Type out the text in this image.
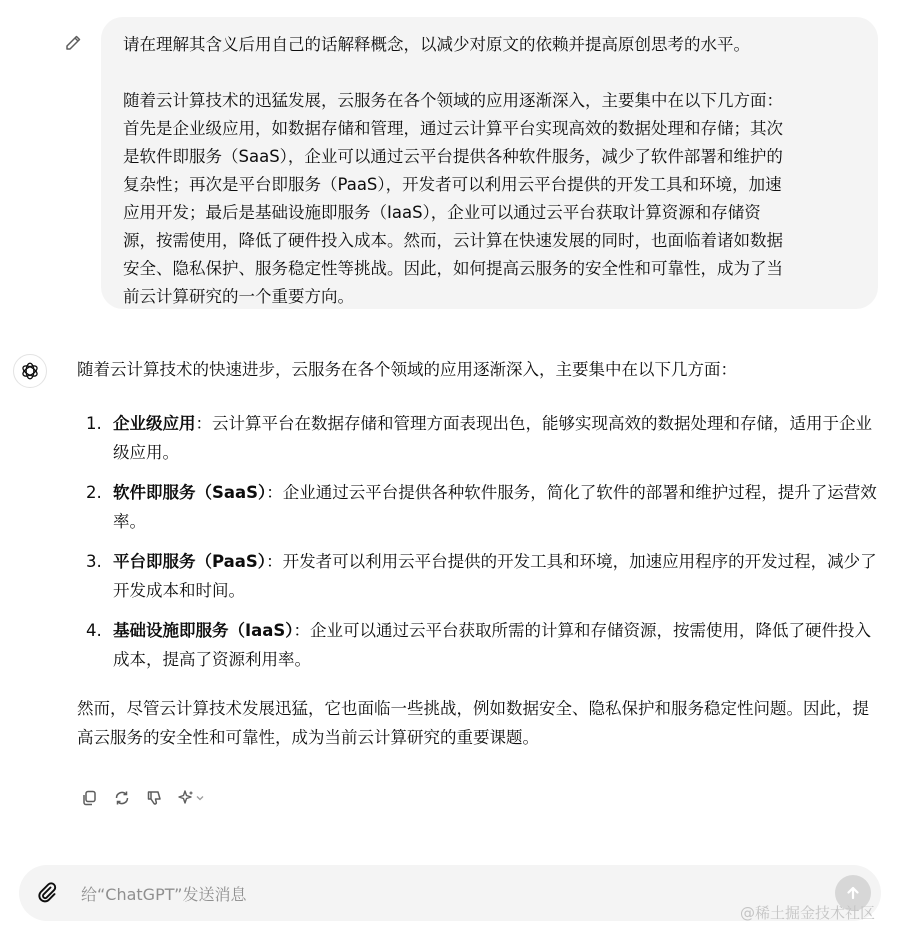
请在理解其含义后用自己的话解释概念，以减少对原文的依赖并提高原创思考的水平。

随着云计算技术的迅猛发展，云服务在各个领域的应用逐渐深入，主要集中在以下几方面：
首先是企业级应用，如数据存储和管理，通过云计算平台实现高效的数据处理和存储；其次
是软件即服务（SaaS），企业可以通过云平台提供各种软件服务，减少了软件部署和维护的
复杂性；再次是平台即服务（PaaS），开发者可以利用云平台提供的开发工具和环境，加速
应用开发；最后是基础设施即服务（IaaS），企业可以通过云平台获取计算资源和存储资
源，按需使用，降低了硬件投入成本。然而，云计算在快速发展的同时，也面临着诸如数据
安全、隐私保护、服务稳定性等挑战。因此，如何提高云服务的安全性和可靠性，成为了当
前云计算研究的一个重要方向。

随着云计算技术的快速进步，云服务在各个领域的应用逐渐深入，主要集中在以下几方面：

1. 企业级应用：云计算平台在数据存储和管理方面表现出色，能够实现高效的数据处理和存储，适用于企业级应用。
2. 软件即服务（SaaS）：企业通过云平台提供各种软件服务，简化了软件的部署和维护过程，提升了运营效率。
3. 平台即服务（PaaS）：开发者可以利用云平台提供的开发工具和环境，加速应用程序的开发过程，减少了开发成本和时间。
4. 基础设施即服务（IaaS）：企业可以通过云平台获取所需的计算和存储资源，按需使用，降低了硬件投入成本，提高了资源利用率。

然而，尽管云计算技术发展迅猛，它也面临一些挑战，例如数据安全、隐私保护和服务稳定性问题。因此，提高云服务的安全性和可靠性，成为当前云计算研究的重要课题。

给“ChatGPT”发送消息
@稀土掘金技术社区
